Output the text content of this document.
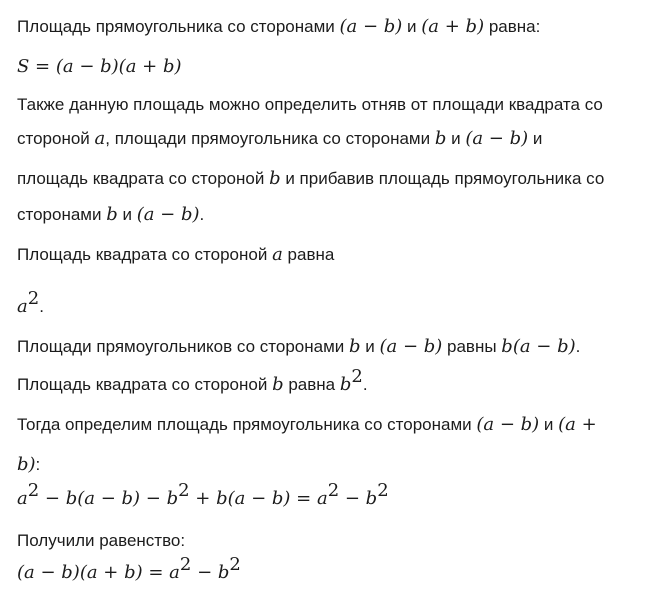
Площадь прямоугольника со сторонами (a − b) и (a + b) равна:
S = (a − b)(a + b)
Также данную площадь можно определить отняв от площади квадрата со
стороной a, площади прямоугольника со сторонами b и (a − b) и
площадь квадрата со стороной b и прибавив площадь прямоугольника со
сторонами b и (a − b).
Площадь квадрата со стороной a равна
$a^2$.
Площади прямоугольников со сторонами b и (a − b) равны b(a − b).
Площадь квадрата со стороной b равна $b^2$.
Тогда определим площадь прямоугольника со сторонами (a − b) и (a +
b):
$a^2 - b(a - b) - b^2 + b(a - b) = a^2 - b^2$
Получили равенство:
$(a - b)(a + b) = a^2 - b^2$
